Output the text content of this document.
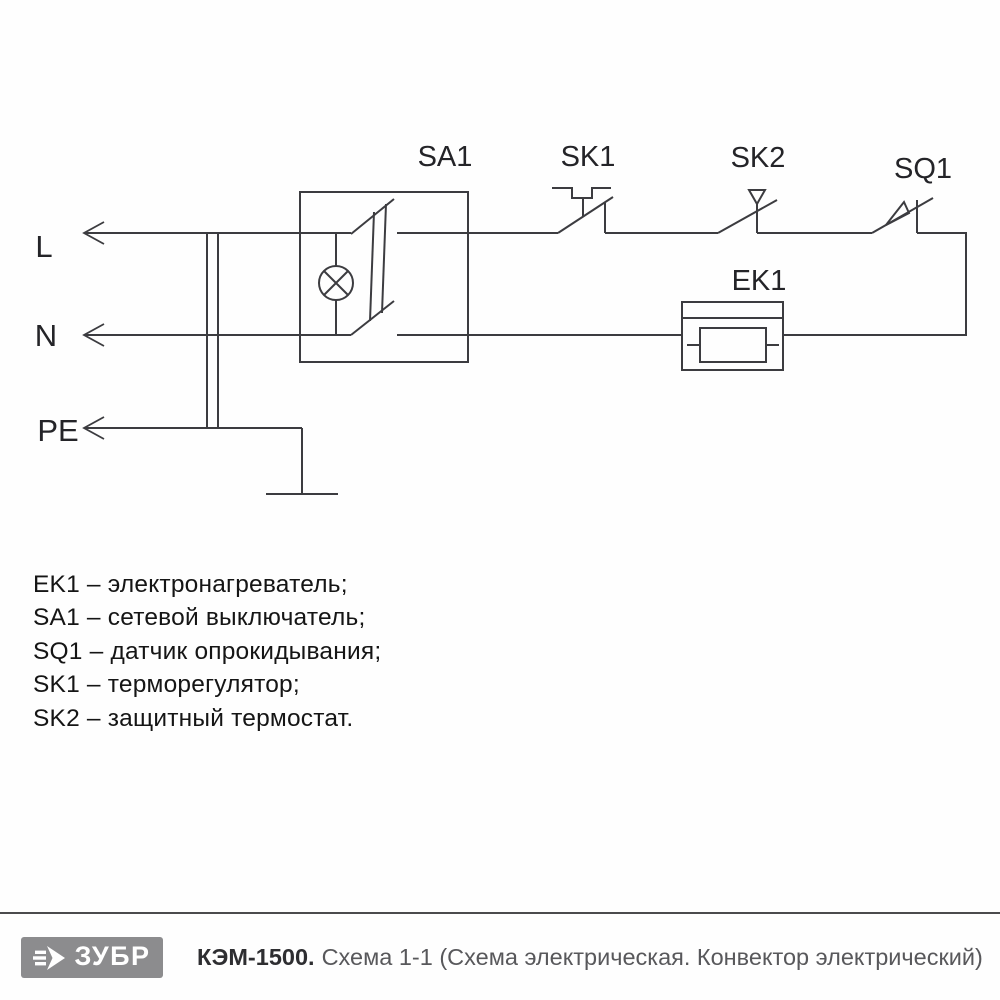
L
N
PE
SA1	SK1	SK2	SQ1
EK1
EK1 – электронагреватель;
SA1 – сетевой выключатель;
SQ1 – датчик опрокидывания;
SK1 – терморегулятор;
SK2 – защитный термостат.
ЗУБР КЭМ-1500. Схема 1-1 (Схема электрическая. Конвектор электрический)
